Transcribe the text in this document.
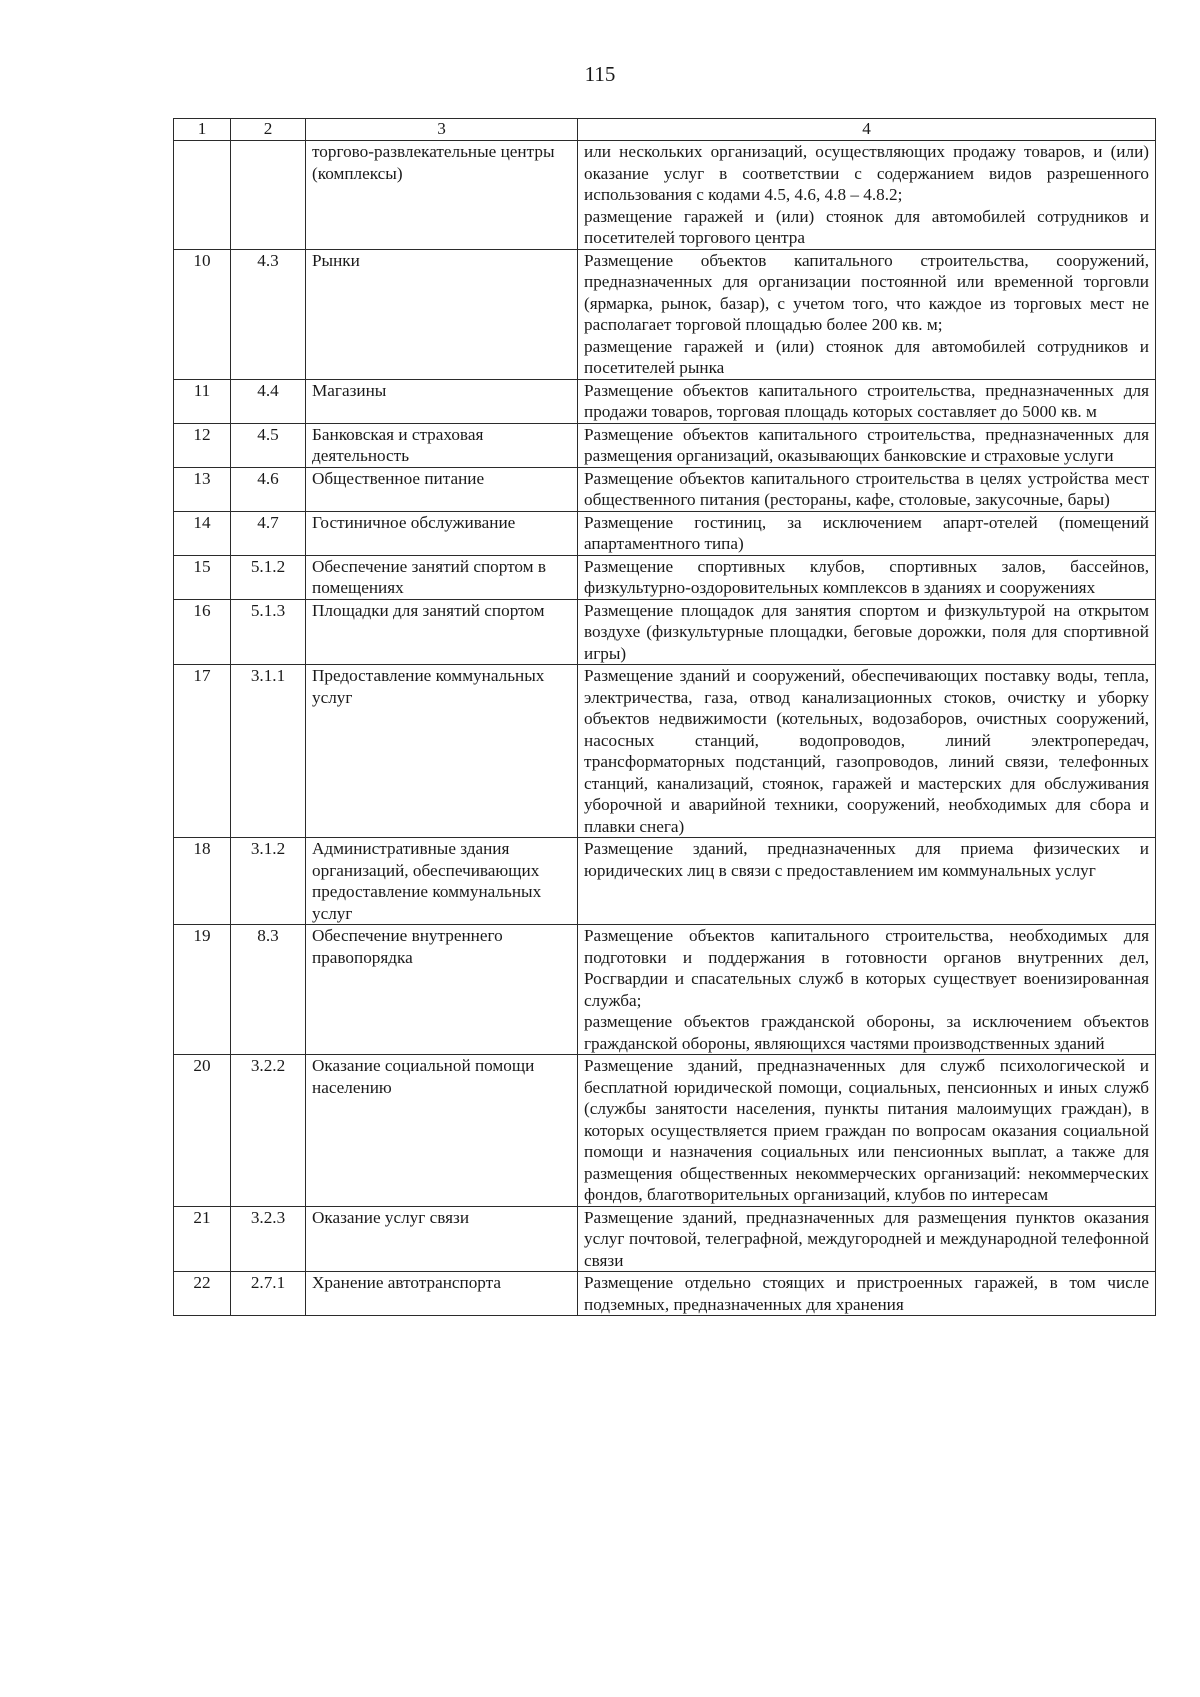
115
1	2	3	4
		торгово-развлекательные центры (комплексы)	или нескольких организаций, осуществляющих продажу товаров, и (или) оказание услуг в соответствии с содержанием видов разрешенного использования с кодами 4.5, 4.6, 4.8 – 4.8.2;
размещение гаражей и (или) стоянок для автомобилей сотрудников и посетителей торгового центра

10	4.3	Рынки	Размещение объектов капитального строительства, сооружений, предназначенных для организации постоянной или временной торговли (ярмарка, рынок, базар), с учетом того, что каждое из торговых мест не располагает торговой площадью более 200 кв. м;
размещение гаражей и (или) стоянок для автомобилей сотрудников и посетителей рынка

11	4.4	Магазины	Размещение объектов капитального строительства, предназначенных для продажи товаров, торговая площадь которых составляет до 5000 кв. м

12	4.5	Банковская и страховая деятельность	Размещение объектов капитального строительства, предназначенных для размещения организаций, оказывающих банковские и страховые услуги

13	4.6	Общественное питание	Размещение объектов капитального строительства в целях устройства мест общественного питания (рестораны, кафе, столовые, закусочные, бары)

14	4.7	Гостиничное обслуживание	Размещение гостиниц, за исключением апарт-отелей (помещений апартаментного типа)

15	5.1.2	Обеспечение занятий спортом в помещениях	Размещение спортивных клубов, спортивных залов, бассейнов, физкультурно-оздоровительных комплексов в зданиях и сооружениях

16	5.1.3	Площадки для занятий спортом	Размещение площадок для занятия спортом и физкультурой на открытом воздухе (физкультурные площадки, беговые дорожки, поля для спортивной игры)

17	3.1.1	Предоставление коммунальных услуг	Размещение зданий и сооружений, обеспечивающих поставку воды, тепла, электричества, газа, отвод канализационных стоков, очистку и уборку объектов недвижимости (котельных, водозаборов, очистных сооружений, насосных станций, водопроводов, линий электропередач, трансформаторных подстанций, газопроводов, линий связи, телефонных станций, канализаций, стоянок, гаражей и мастерских для обслуживания уборочной и аварийной техники, сооружений, необходимых для сбора и плавки снега)

18	3.1.2	Административные здания организаций, обеспечивающих предоставление коммунальных услуг	Размещение зданий, предназначенных для приема физических и юридических лиц в связи с предоставлением им коммунальных услуг

19	8.3	Обеспечение внутреннего правопорядка	Размещение объектов капитального строительства, необходимых для подготовки и поддержания в готовности органов внутренних дел, Росгвардии и спасательных служб в которых существует военизированная служба;
размещение объектов гражданской обороны, за исключением объектов гражданской обороны, являющихся частями производственных зданий

20	3.2.2	Оказание социальной помощи населению	Размещение зданий, предназначенных для служб психологической и бесплатной юридической помощи, социальных, пенсионных и иных служб (службы занятости населения, пункты питания малоимущих граждан), в которых осуществляется прием граждан по вопросам оказания социальной помощи и назначения социальных или пенсионных выплат, а также для размещения общественных некоммерческих организаций: некоммерческих фондов, благотворительных организаций, клубов по интересам

21	3.2.3	Оказание услуг связи	Размещение зданий, предназначенных для размещения пунктов оказания услуг почтовой, телеграфной, междугородней и международной телефонной связи

22	2.7.1	Хранение автотранспорта	Размещение отдельно стоящих и пристроенных гаражей, в том числе подземных, предназначенных для хранения
